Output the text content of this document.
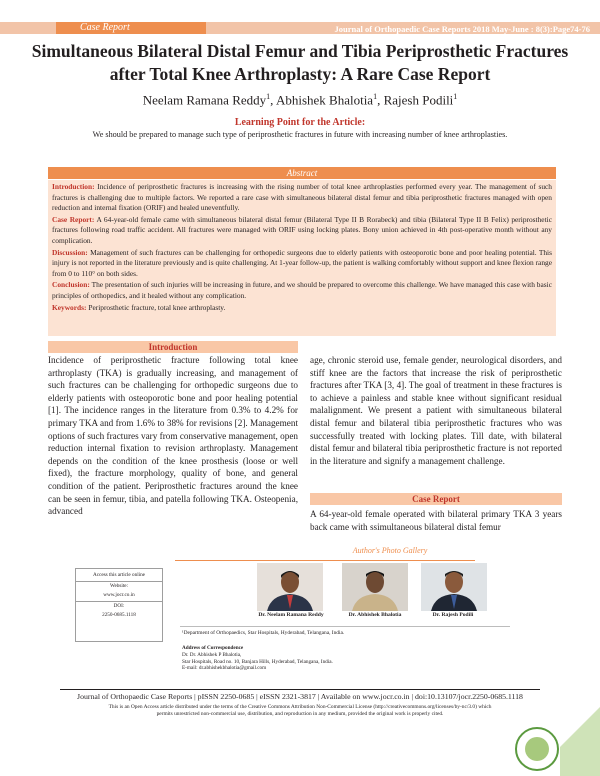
Case Report	Journal of Orthopaedic Case Reports 2018 May-June : 8(3):Page74-76
Simultaneous Bilateral Distal Femur and Tibia Periprosthetic Fractures
after Total Knee Arthroplasty: A Rare Case Report
Neelam Ramana Reddy$^1$, Abhishek Bhalotia$^1$, Rajesh Podili$^1$
Learning Point for the Article:
We should be prepared to manage such type of periprosthetic fractures in future with increasing number of knee arthroplasties.
Abstract

Introduction: Incidence of periprosthetic fractures is increasing with the rising number of total knee arthroplasties performed every year. The management of such fractures is challenging due to multiple factors. We reported a rare case with simultaneous bilateral distal femur and tibia periprosthetic fractures managed with open reduction and internal fixation (ORIF) and healed uneventfully.

Case Report: A 64-year-old female came with simultaneous bilateral distal femur (Bilateral Type II B Rorabeck) and tibia (Bilateral Type II B Felix) periprosthetic fractures following road traffic accident. All fractures were managed with ORIF using locking plates. Bony union achieved in 4th post-operative month without any complication.

Discussion: Management of such fractures can be challenging for orthopedic surgeons due to elderly patients with osteoporotic bone and poor healing potential. This injury is not reported in the literature previously and is quite challenging. At 1-year follow-up, the patient is walking comfortably without support and knee flexion range from 0 to 110° on both sides.

Conclusion: The presentation of such injuries will be increasing in future, and we should be prepared to overcome this challenge. We have managed this case with basic principles of orthopedics, and it healed without any complication.

Keywords: Periprosthetic fracture, total knee arthroplasty.

Introduction
Incidence of periprosthetic fracture following total knee arthroplasty (TKA) is gradually increasing, and management of such fractures can be challenging for orthopedic surgeons due to elderly patients with osteoporotic bone and poor healing potential [1]. The incidence ranges in the literature from 0.3% to 4.2% for primary TKA and from 1.6% to 38% for revisions [2]. Management options of such fractures vary from conservative management, open reduction internal fixation to revision arthroplasty. Management depends on the condition of the knee prosthesis (loose or well fixed), the fracture morphology, quality of bone, and general condition of the patient. Periprosthetic fractures around the knee can be seen in femur, tibia, and patella following TKA. Osteopenia, advanced
age, chronic steroid use, female gender, neurological disorders, and stiff knee are the factors that increase the risk of periprosthetic fractures after TKA [3, 4]. The goal of treatment in these fractures is to achieve a painless and stable knee without significant residual malalignment. We present a patient with simultaneous bilateral distal femur and bilateral tibia periprosthetic fractures who was successfully treated with locking plates. Till date, with bilateral distal femur and bilateral tibia periprosthetic fracture is not reported in the literature and signify a management challenge.
Case Report
A 64-year-old female operated with bilateral primary TKA 3 years back came with ssimultaneous bilateral distal femur
Author's Photo Gallery
Dr. Neelam Ramana Reddy	Dr. Abhishek Bhalotia	Dr. Rajesh Podili
Access this article online
Website:
www.jocr.co.in
DOI:
2250-0685.1118
¹Department of Orthopaedics, Star Hospitals, Hyderabad, Telangana, India.
Address of Correspondence
Dr. Dr. Abhishek P Bhalotia,
Star Hospitals, Road no. 10, Banjara Hills, Hyderabad, Telangana, India.
E-mail: dr.abhishekbhalotia@gmail.com
Journal of Orthopaedic Case Reports | pISSN 2250-0685 | eISSN 2321-3817 | Available on www.jocr.co.in | doi:10.13107/jocr.2250-0685.1118
This is an Open Access article distributed under the terms of the Creative Commons Attribution Non-Commercial License (http://creativecommons.org/licenses/by-nc/3.0) which
permits unrestricted non-commercial use, distribution, and reproduction in any medium, provided the original work is properly cited.
